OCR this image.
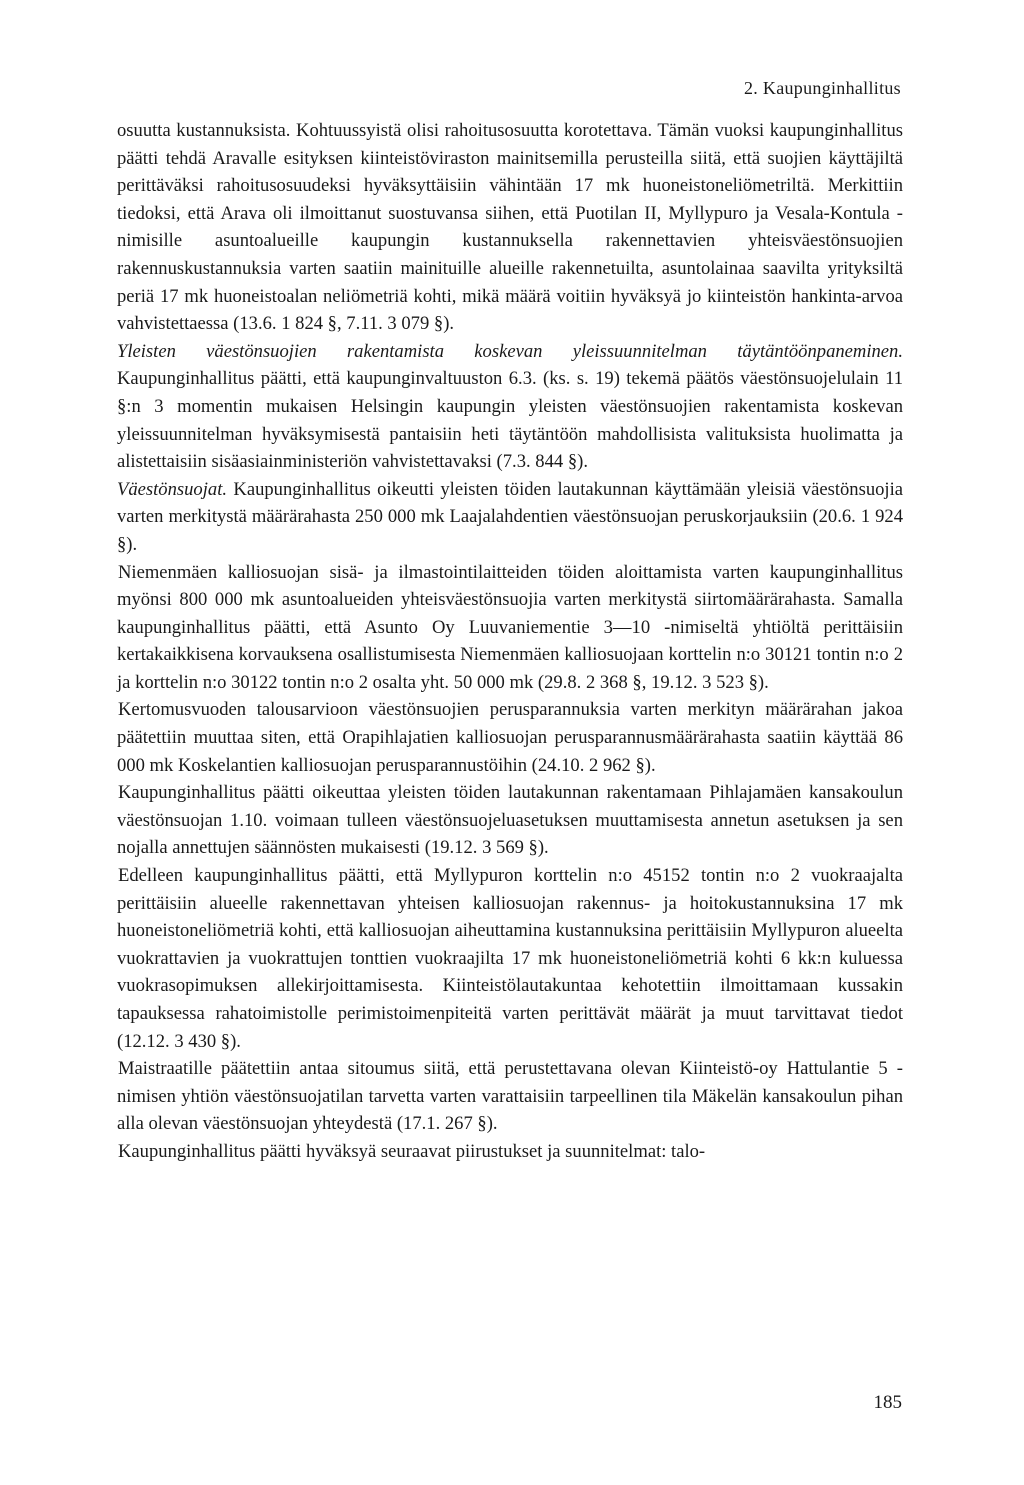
2. Kaupunginhallitus

osuutta kustannuksista. Kohtuussyistä olisi rahoitusosuutta korotettava. Tämän vuoksi kaupunginhallitus päätti tehdä Aravalle esityksen kiinteistöviraston mainitsemilla perusteilla siitä, että suojien käyttäjiltä perittäväksi rahoitusosuudeksi hyväksyttäisiin vähintään 17 mk huoneistoneliömetriltä. Merkittiin tiedoksi, että Arava oli ilmoittanut suostuvansa siihen, että Puotilan II, Myllypuro ja Vesala-Kontula -nimisille asuntoalueille kaupungin kustannuksella rakennettavien yhteisväestönsuojien rakennuskustannuksia varten saatiin mainituille alueille rakennetuilta, asuntolainaa saavilta yrityksiltä periä 17 mk huoneistoalan neliömetriä kohti, mikä määrä voitiin hyväksyä jo kiinteistön hankinta-arvoa vahvistettaessa (13.6. 1 824 §, 7.11. 3 079 §).

Yleisten väestönsuojien rakentamista koskevan yleissuunnitelman täytäntöönpaneminen. Kaupunginhallitus päätti, että kaupunginvaltuuston 6.3. (ks. s. 19) tekemä päätös väestönsuojelulain 11 §:n 3 momentin mukaisen Helsingin kaupungin yleisten väestönsuojien rakentamista koskevan yleissuunnitelman hyväksymisestä pantaisiin heti täytäntöön mahdollisista valituksista huolimatta ja alistettaisiin sisäasiainministeriön vahvistettavaksi (7.3. 844 §).

Väestönsuojat. Kaupunginhallitus oikeutti yleisten töiden lautakunnan käyttämään yleisiä väestönsuojia varten merkitystä määrärahasta 250 000 mk Laajalahdentien väestönsuojan peruskorjauksiin (20.6. 1 924 §).

Niemenmäen kalliosuojan sisä- ja ilmastointilaitteiden töiden aloittamista varten kaupunginhallitus myönsi 800 000 mk asuntoalueiden yhteisväestönsuojia varten merkitystä siirtomäärärahasta. Samalla kaupunginhallitus päätti, että Asunto Oy Luuvaniementie 3—10 -nimiseltä yhtiöltä perittäisiin kertakaikkisena korvauksena osallistumisesta Niemenmäen kalliosuojaan korttelin n:o 30121 tontin n:o 2 ja korttelin n:o 30122 tontin n:o 2 osalta yht. 50 000 mk (29.8. 2 368 §, 19.12. 3 523 §).

Kertomusvuoden talousarvioon väestönsuojien perusparannuksia varten merkityn määrärahan jakoa päätettiin muuttaa siten, että Orapihlajatien kalliosuojan perusparannusmäärärahasta saatiin käyttää 86 000 mk Koskelantien kalliosuojan perusparannustöihin (24.10. 2 962 §).

Kaupunginhallitus päätti oikeuttaa yleisten töiden lautakunnan rakentamaan Pihlajamäen kansakoulun väestönsuojan 1.10. voimaan tulleen väestönsuojeluasetuksen muuttamisesta annetun asetuksen ja sen nojalla annettujen säännösten mukaisesti (19.12. 3 569 §).

Edelleen kaupunginhallitus päätti, että Myllypuron korttelin n:o 45152 tontin n:o 2 vuokraajalta perittäisiin alueelle rakennettavan yhteisen kalliosuojan rakennus- ja hoitokustannuksina 17 mk huoneistoneliömetriä kohti, että kalliosuojan aiheuttamina kustannuksina perittäisiin Myllypuron alueelta vuokrattavien ja vuokrattujen tonttien vuokraajilta 17 mk huoneistoneliömetriä kohti 6 kk:n kuluessa vuokrasopimuksen allekirjoittamisesta. Kiinteistölautakuntaa kehotettiin ilmoittamaan kussakin tapauksessa rahatoimistolle perimistoimenpiteitä varten perittävät määrät ja muut tarvittavat tiedot (12.12. 3 430 §).

Maistraatille päätettiin antaa sitoumus siitä, että perustettavana olevan Kiinteistö-oy Hattulantie 5 -nimisen yhtiön väestönsuojatilan tarvetta varten varattaisiin tarpeellinen tila Mäkelän kansakoulun pihan alla olevan väestönsuojan yhteydestä (17.1. 267 §).

Kaupunginhallitus päätti hyväksyä seuraavat piirustukset ja suunnitelmat: talo-

185
